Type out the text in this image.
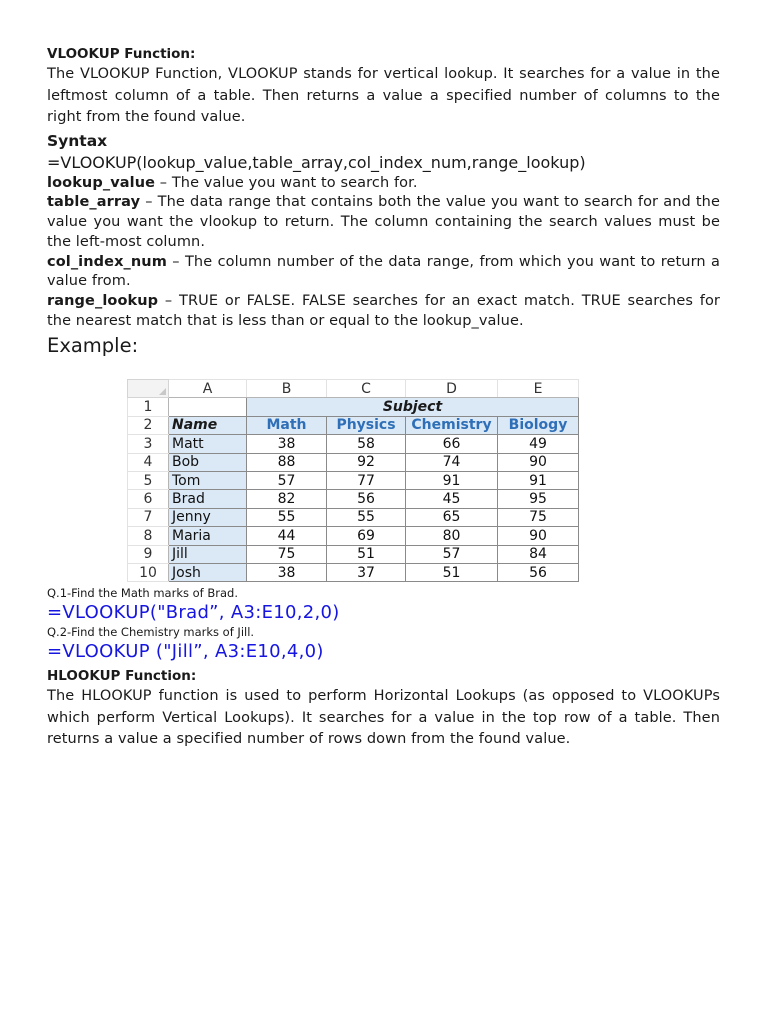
VLOOKUP Function:

The VLOOKUP Function, VLOOKUP stands for vertical lookup. It searches for a value in the leftmost column of a table. Then returns a value a specified number of columns to the right from the found value.

Syntax
=VLOOKUP(lookup_value,table_array,col_index_num,range_lookup)

lookup_value – The value you want to search for.

table_array – The data range that contains both the value you want to search for and the value you want the vlookup to return. The column containing the search values must be the left-most column.

col_index_num – The column number of the data range, from which you want to return a value from.

range_lookup – TRUE or FALSE. FALSE searches for an exact match. TRUE searches for the nearest match that is less than or equal to the lookup_value.

Example:
	A	B	C	D	E
1		Subject			
2	Name	Math	Physics	Chemistry	Biology
3	Matt	38	58	66	49
4	Bob	88	92	74	90
5	Tom	57	77	91	91
6	Brad	82	56	45	95
7	Jenny	55	55	65	75
8	Maria	44	69	80	90
9	Jill	75	51	57	84
10	Josh	38	37	51	56

Q.1-Find the Math marks of Brad.

=VLOOKUP("Brad”, A3:E10,2,0)

Q.2-Find the Chemistry marks of Jill.

=VLOOKUP ("Jill”, A3:E10,4,0)

HLOOKUP Function:

The HLOOKUP function is used to perform Horizontal Lookups (as opposed to VLOOKUPs which perform Vertical Lookups). It searches for a value in the top row of a table. Then returns a value a specified number of rows down from the found value.
